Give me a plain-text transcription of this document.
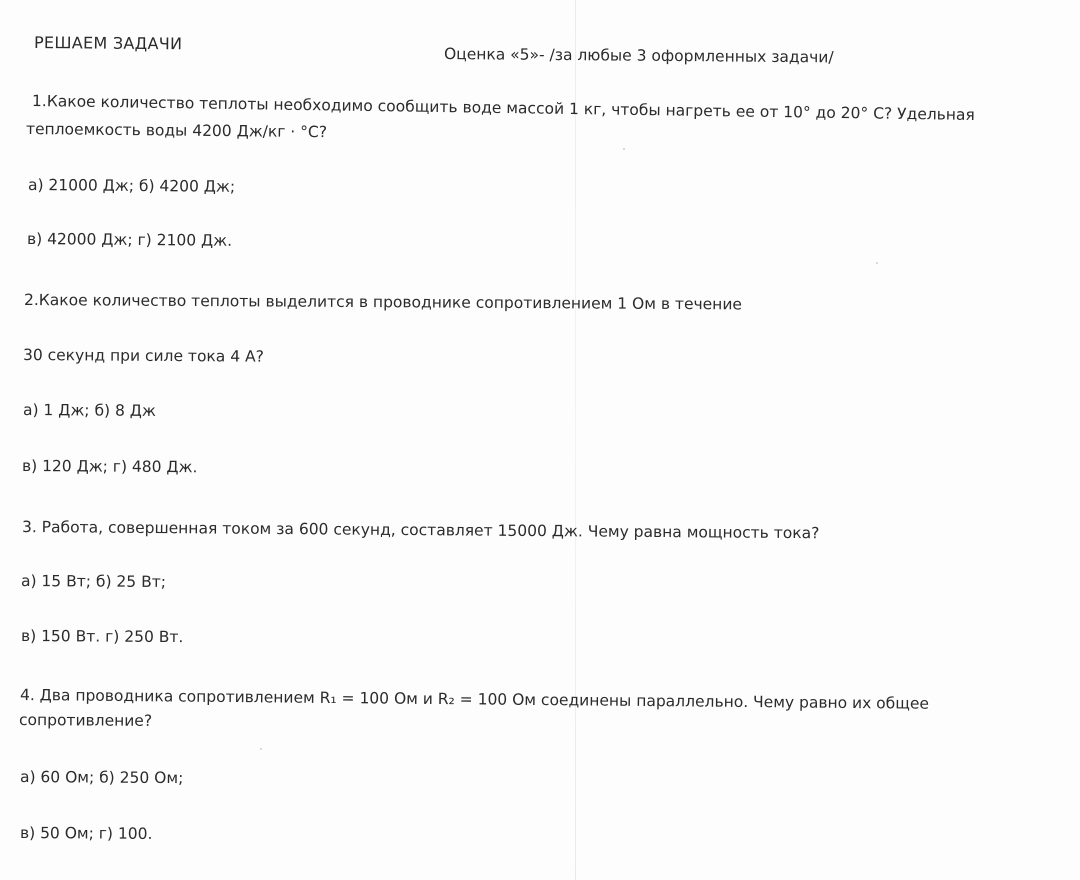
РЕШАЕМ ЗАДАЧИ
Оценка «5»- /за любые 3 оформленных задачи/
1.Какое количество теплоты необходимо сообщить воде массой 1 кг, чтобы нагреть ее от 10° до 20° С? Удельная
теплоемкость воды 4200 Дж/кг · °С?
а) 21000 Дж; б) 4200 Дж;
в) 42000 Дж; г) 2100 Дж.
2.Какое количество теплоты выделится в проводнике сопротивлением 1 Ом в течение
30 секунд при силе тока 4 А?
а) 1 Дж; б) 8 Дж
в) 120 Дж; г) 480 Дж.
3. Работа, совершенная током за 600 секунд, составляет 15000 Дж. Чему равна мощность тока?
а) 15 Вт; б) 25 Вт;
в) 150 Вт. г) 250 Вт.
4. Два проводника сопротивлением R₁ = 100 Ом и R₂ = 100 Ом соединены параллельно. Чему равно их общее
сопротивление?
а) 60 Ом; б) 250 Ом;
в) 50 Ом; г) 100.
